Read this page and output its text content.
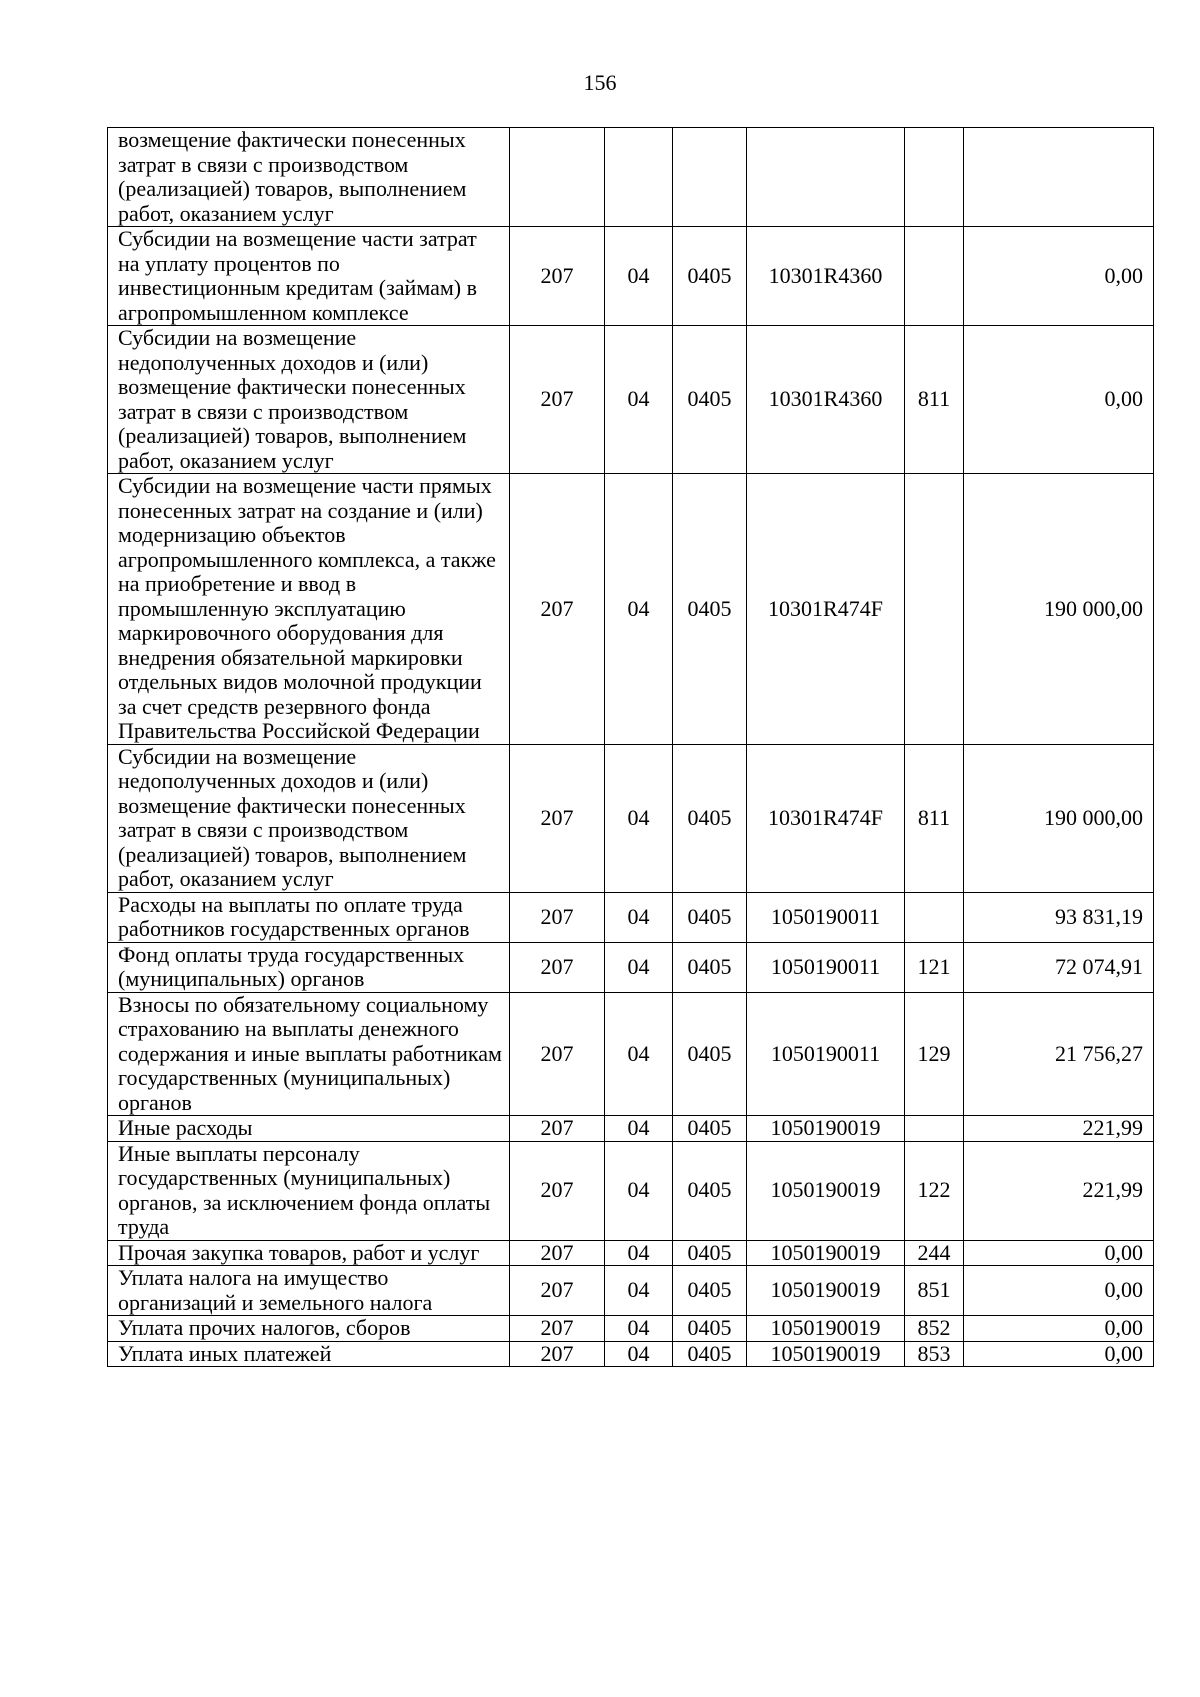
156
возмещение фактически понесенных затрат в связи с производством (реализацией) товаров, выполнением работ, оказанием услуг						
Субсидии на возмещение части затрат на уплату процентов по инвестиционным кредитам (займам) в агропромышленном комплексе	207	04	0405	10301R4360		0,00
Субсидии на возмещение недополученных доходов и (или) возмещение фактически понесенных затрат в связи с производством (реализацией) товаров, выполнением работ, оказанием услуг	207	04	0405	10301R4360	811	0,00
Субсидии на возмещение части прямых понесенных затрат на создание и (или) модернизацию объектов агропромышленного комплекса, а также на приобретение и ввод в промышленную эксплуатацию маркировочного оборудования для внедрения обязательной маркировки отдельных видов молочной продукции за счет средств резервного фонда Правительства Российской Федерации	207	04	0405	10301R474F		190 000,00
Субсидии на возмещение недополученных доходов и (или) возмещение фактически понесенных затрат в связи с производством (реализацией) товаров, выполнением работ, оказанием услуг	207	04	0405	10301R474F	811	190 000,00
Расходы на выплаты по оплате труда работников государственных органов	207	04	0405	1050190011		93 831,19
Фонд оплаты труда государственных (муниципальных) органов	207	04	0405	1050190011	121	72 074,91
Взносы по обязательному социальному страхованию на выплаты денежного содержания и иные выплаты работникам государственных (муниципальных) органов	207	04	0405	1050190011	129	21 756,27
Иные расходы	207	04	0405	1050190019		221,99
Иные выплаты персоналу государственных (муниципальных) органов, за исключением фонда оплаты труда	207	04	0405	1050190019	122	221,99
Прочая закупка товаров, работ и услуг	207	04	0405	1050190019	244	0,00
Уплата налога на имущество организаций и земельного налога	207	04	0405	1050190019	851	0,00
Уплата прочих налогов, сборов	207	04	0405	1050190019	852	0,00
Уплата иных платежей	207	04	0405	1050190019	853	0,00
